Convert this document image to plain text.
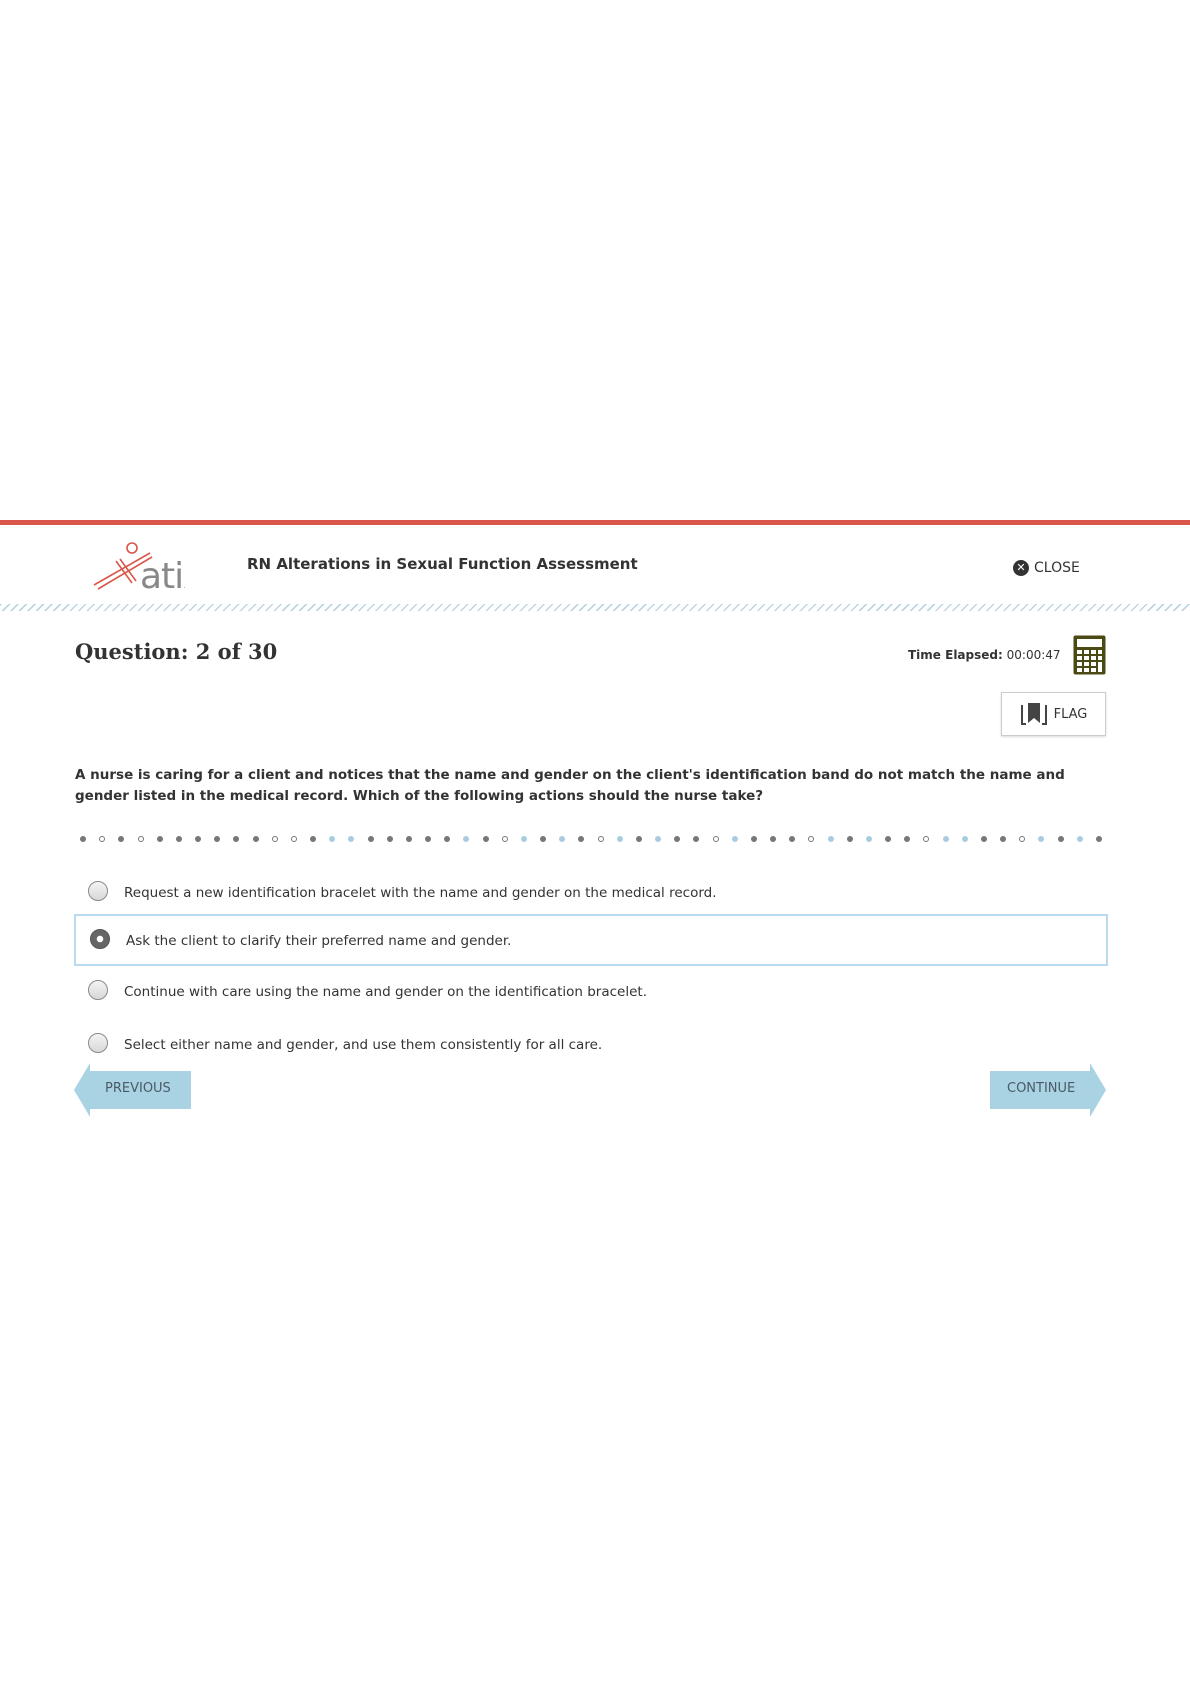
ati.
RN Alterations in Sexual Function Assessment	✕ CLOSE
Question: 2 of 30	Time Elapsed: 00:00:47
FLAG
A nurse is caring for a client and notices that the name and gender on the client's identification band do not match the name and gender listed in the medical record. Which of the following actions should the nurse take?
Request a new identification bracelet with the name and gender on the medical record.
Ask the client to clarify their preferred name and gender.
Continue with care using the name and gender on the identification bracelet.
Select either name and gender, and use them consistently for all care.
PREVIOUS	CONTINUE
